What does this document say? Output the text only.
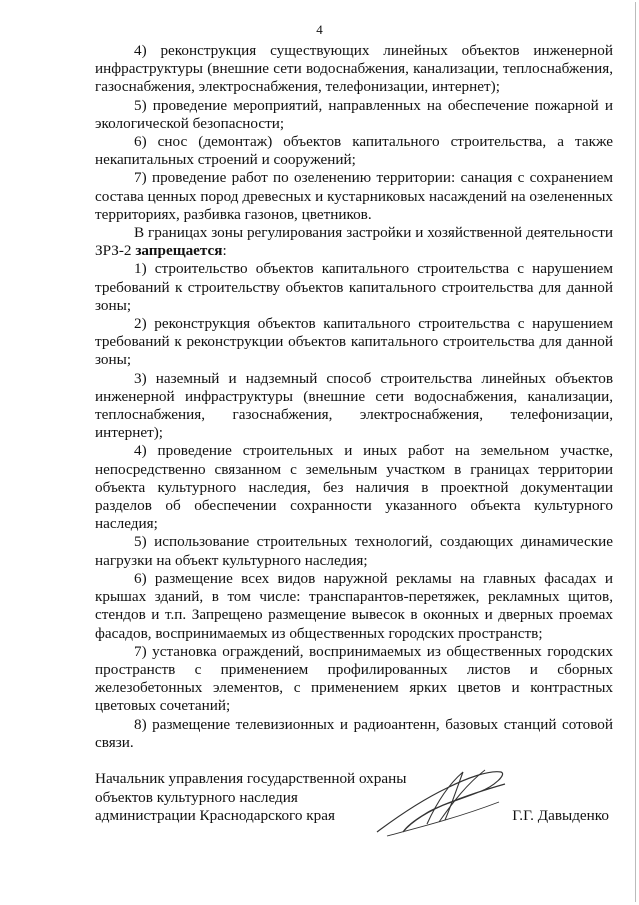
4

4) реконструкция существующих линейных объектов инженерной инфраструктуры (внешние сети водоснабжения, канализации, теплоснабжения, газоснабжения, электроснабжения, телефонизации, интернет);

5) проведение мероприятий, направленных на обеспечение пожарной и экологической безопасности;

6) снос (демонтаж) объектов капитального строительства, а также некапитальных строений и сооружений;

7) проведение работ по озеленению территории: санация с сохранением состава ценных пород древесных и кустарниковых насаждений на озелененных территориях, разбивка газонов, цветников.

В границах зоны регулирования застройки и хозяйственной деятельности ЗРЗ-2 запрещается:

1) строительство объектов капитального строительства с нарушением требований к строительству объектов капитального строительства для данной зоны;

2) реконструкция объектов капитального строительства с нарушением требований к реконструкции объектов капитального строительства для данной зоны;

3) наземный и надземный способ строительства линейных объектов инженерной инфраструктуры (внешние сети водоснабжения, канализации, теплоснабжения, газоснабжения, электроснабжения, телефонизации, интернет);

4) проведение строительных и иных работ на земельном участке, непосредственно связанном с земельным участком в границах территории объекта культурного наследия, без наличия в проектной документации разделов об обеспечении сохранности указанного объекта культурного наследия;

5) использование строительных технологий, создающих динамические нагрузки на объект культурного наследия;

6) размещение всех видов наружной рекламы на главных фасадах и крышах зданий, в том числе: транспарантов-перетяжек, рекламных щитов, стендов и т.п. Запрещено размещение вывесок в оконных и дверных проемах фасадов, воспринимаемых из общественных городских пространств;

7) установка ограждений, воспринимаемых из общественных городских пространств с применением профилированных листов и сборных железобетонных элементов, с применением ярких цветов и контрастных цветовых сочетаний;

8) размещение телевизионных и радиоантенн, базовых станций сотовой связи.

Начальник управления государственной охраны
объектов культурного наследия
администрации Краснодарского края	Г.Г. Давыденко
